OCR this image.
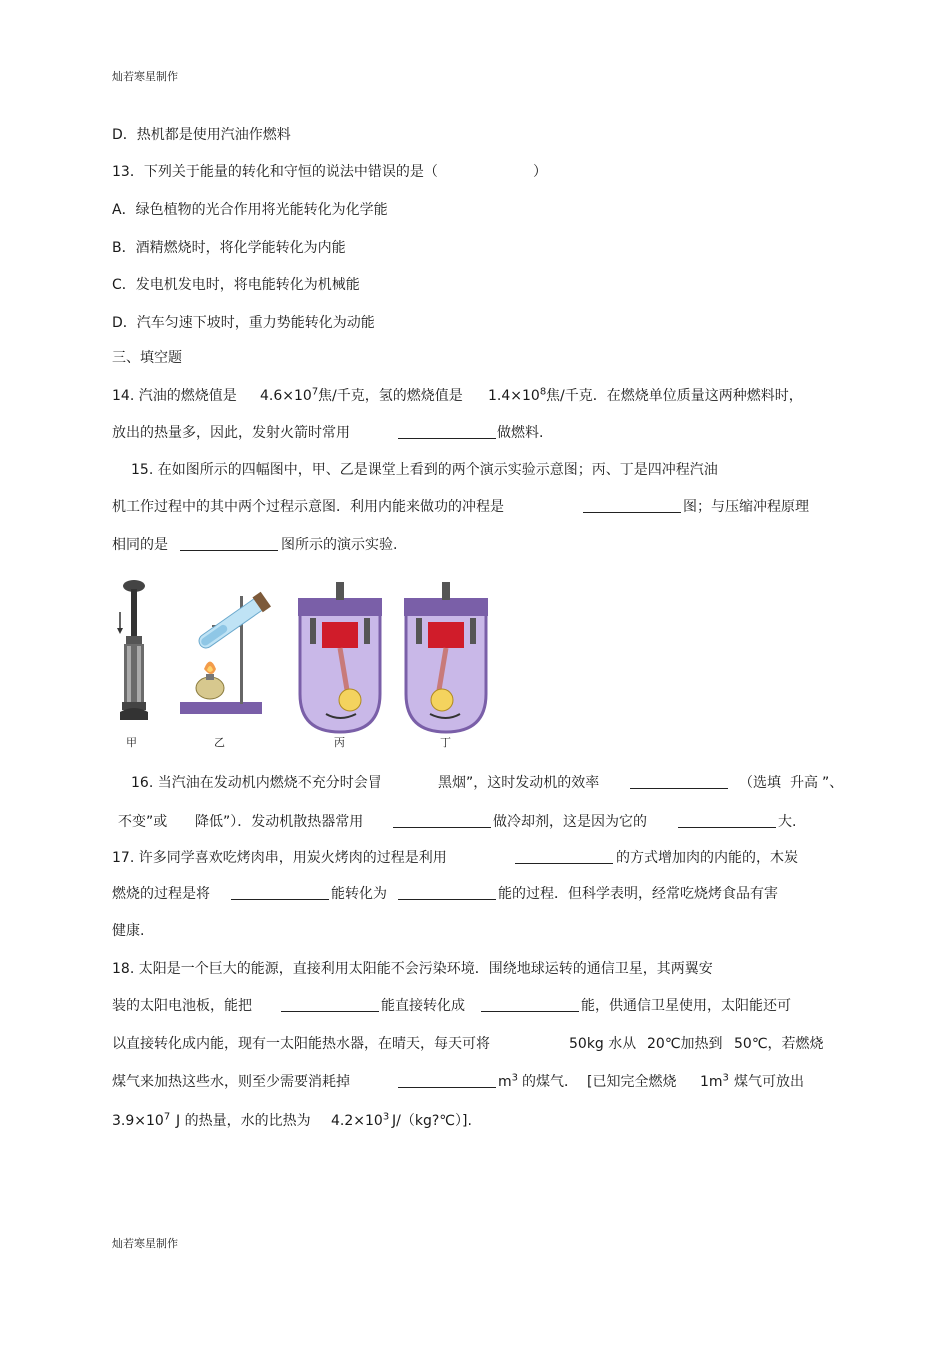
灿若寒星制作
D．热机都是使用汽油作燃料
13．下列关于能量的转化和守恒的说法中错误的是（	）
A．绿色植物的光合作用将光能转化为化学能
B．酒精燃烧时，将化学能转化为内能
C．发电机发电时，将电能转化为机械能
D．汽车匀速下坡时，重力势能转化为动能
三、填空题
14. 汽油的燃烧值是 $4.6\times 10^7$ 焦/千克，氢的燃烧值是 $1.4\times 10^8$ 焦/千克．在燃烧单位质量这两种燃料时，
放出的热量多，因此，发射火箭时常用	做燃料.
15. 在如图所示的四幅图中，甲、乙是课堂上看到的两个演示实验示意图；丙、丁是四冲程汽油
机工作过程中的其中两个过程示意图．利用内能来做功的冲程是	图；与压缩冲程原理
相同的是	图所示的演示实验.
甲	乙	丙	丁
16. 当汽油在发动机内燃烧不充分时会冒	黑烟”，这时发动机的效率	（选填 升高 ”、
不变”或 降低”）．发动机散热器常用	做冷却剂，这是因为它的	大.
17. 许多同学喜欢吃烤肉串，用炭火烤肉的过程是利用	的方式增加肉的内能的，木炭
燃烧的过程是将	能转化为	能的过程．但科学表明，经常吃烧烤食品有害
健康.
18. 太阳是一个巨大的能源，直接利用太阳能不会污染环境．围绕地球运转的通信卫星，其两翼安
装的太阳电池板，能把	能直接转化成	能，供通信卫星使用，太阳能还可
以直接转化成内能，现有一太阳能热水器，在晴天，每天可将	50kg 水从 20℃加热到 50℃，若燃烧
煤气来加热这些水，则至少需要消耗掉	$m^3$ 的煤气． [已知完全燃烧 $1m^3$ 煤气可放出
$3.9\times 10^7$ J 的热量，水的比热为 $4.2\times 10^3$ J/（kg?℃）].
灿若寒星制作
